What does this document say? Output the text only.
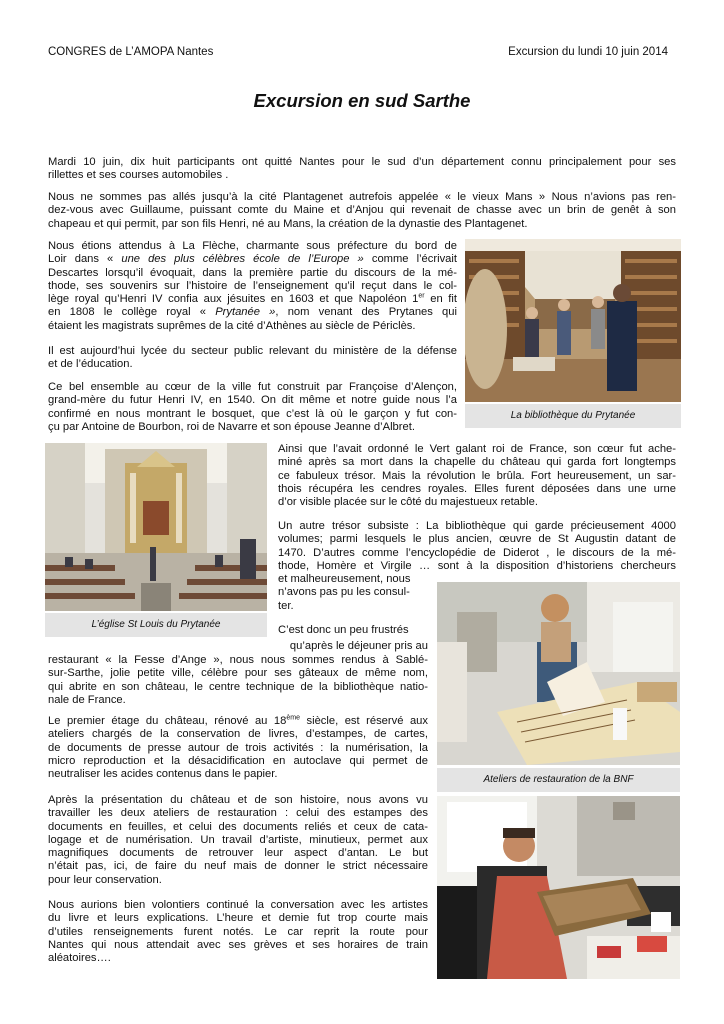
CONGRES de L’AMOPA Nantes	Excursion du lundi 10 juin 2014
Excursion en sud Sarthe
Mardi 10 juin, dix huit participants ont quitté Nantes pour le sud d’un département connu principalement pour ses
rillettes et ses courses automobiles .
Nous ne sommes pas allés jusqu’à la cité Plantagenet autrefois appelée « le vieux Mans » Nous n’avions pas ren-
dez-vous avec Guillaume, puissant comte du Maine et d’Anjou qui revenait de chasse avec un brin de genêt à son
chapeau et qui permit, par son fils Henri, né au Mans, la création de la dynastie des Plantagenet.
Nous étions attendus à La Flèche, charmante sous préfecture du bord de
Loir dans « une des plus célèbres école de l’Europe » comme l’écrivait
Descartes lorsqu’il évoquait, dans la première partie du discours de la mé-
thode, ses souvenirs sur l’histoire de l’enseignement qu’il reçut dans le col-
lège royal qu’Henri IV confia aux jésuites en 1603 et que Napoléon 1er en fit
en 1808 le collège royal « Prytanée », nom venant des Prytanes qui
étaient les magistrats suprêmes de la cité d’Athènes au siècle de Périclès.
Il est aujourd’hui lycée du secteur public relevant du ministère de la défense
et de l’éducation.
Ce bel ensemble au cœur de la ville fut construit par Françoise d’Alençon,
grand-mère du futur Henri IV, en 1540. On dit même et notre guide nous l’a
confirmé en nous montrant le bosquet, que c’est là où le garçon y fut con-
çu par Antoine de Bourbon, roi de Navarre et son épouse Jeanne d’Albret.
Ainsi que l’avait ordonné le Vert galant roi de France, son cœur fut ache-
miné après sa mort dans la chapelle du château qui garda fort longtemps
ce fabuleux trésor. Mais la révolution le brûla. Fort heureusement, un sar-
thois récupéra les cendres royales. Elles furent déposées dans une urne
d’or visible placée sur le côté du majestueux retable.
Un autre trésor subsiste : La bibliothèque qui garde précieusement 4000
volumes; parmi lesquels le plus ancien, œuvre de St Augustin datant de
1470. D’autres comme l’encyclopédie de Diderot , le discours de la mé-
thode, Homère et Virgile … sont à la disposition d’historiens chercheurs
et malheureusement, nous
n’avons pas pu les consul-
ter.
C’est donc un peu frustrés
qu’après le déjeuner pris au
restaurant « la Fesse d’Ange », nous nous sommes rendus à Sablé-
sur-Sarthe, jolie petite ville, célèbre pour ses gâteaux de même nom,
qui abrite en son château, le centre technique de la bibliothèque natio-
nale de France.
Le premier étage du château, rénové au 18ème siècle, est réservé aux
ateliers chargés de la conservation de livres, d’estampes, de cartes,
de documents de presse autour de trois activités : la numérisation, la
micro reproduction et la désacidification en autoclave qui permet de
neutraliser les acides contenus dans le papier.
Après la présentation du château et de son histoire, nous avons vu
travailler les deux ateliers de restauration : celui des estampes des
documents en feuilles, et celui des documents reliés et ceux de cata-
logage et de numérisation. Un travail d’artiste, minutieux, permet aux
magnifiques documents de retrouver leur aspect d’antan. Le but
n’était pas, ici, de faire du neuf mais de donner le strict nécessaire
pour leur conservation.
Nous aurions bien volontiers continué la conversation avec les artistes
du livre et leurs explications. L’heure et demie fut trop courte mais
d’utiles renseignements furent notés. Le car reprit la route pour
Nantes qui nous attendait avec ses grèves et ses horaires de train
aléatoires….
La bibliothèque du Prytanée
L’église St Louis du Prytanée
Ateliers de restauration de la BNF
